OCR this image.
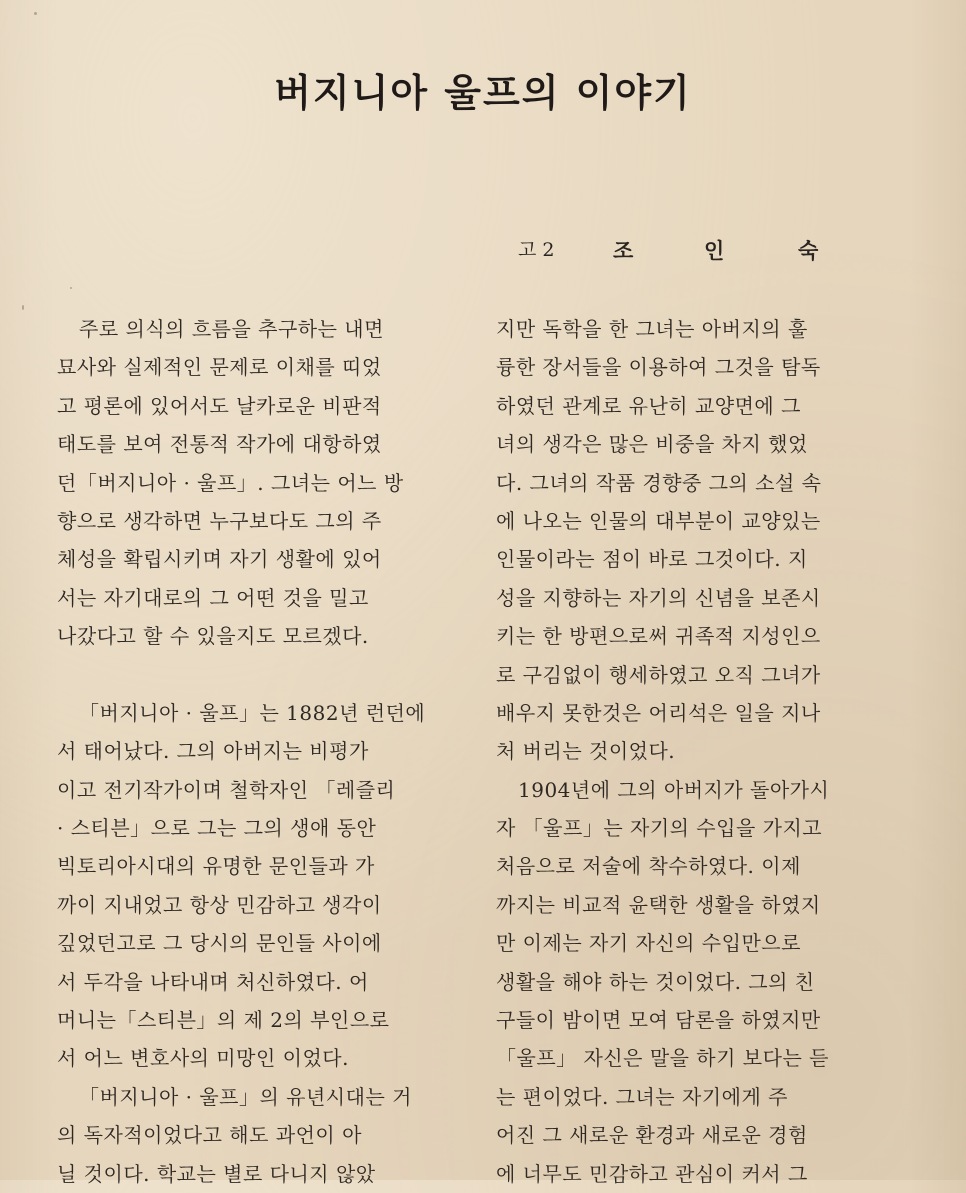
버지니아 울프의 이야기
고 2	조	인	숙
주로 의식의 흐름을 추구하는 내면
묘사와 실제적인 문제로 이채를 띠었
고 평론에 있어서도 날카로운 비판적
태도를 보여 전통적 작가에 대항하였
던「버지니아 · 울프」. 그녀는 어느 방
향으로 생각하면 누구보다도 그의 주
체성을 확립시키며 자기 생활에 있어
서는 자기대로의 그 어떤 것을 밀고
나갔다고 할 수 있을지도 모르겠다.
「버지니아 · 울프」는 1882년 런던에
서 태어났다. 그의 아버지는 비평가
이고 전기작가이며 철학자인 「레즐리
· 스티븐」으로 그는 그의 생애 동안
빅토리아시대의 유명한 문인들과 가
까이 지내었고 항상 민감하고 생각이
깊었던고로 그 당시의 문인들 사이에
서 두각을 나타내며 처신하였다. 어
머니는「스티븐」의 제 2의 부인으로
서 어느 변호사의 미망인 이었다.
「버지니아 · 울프」의 유년시대는 거
의 독자적이었다고 해도 과언이 아
닐 것이다. 학교는 별로 다니지 않았
지만 독학을 한 그녀는 아버지의 훌
륭한 장서들을 이용하여 그것을 탐독
하였던 관계로 유난히 교양면에 그
녀의 생각은 많은 비중을 차지 했었
다. 그녀의 작품 경향중 그의 소설 속
에 나오는 인물의 대부분이 교양있는
인물이라는 점이 바로 그것이다. 지
성을 지향하는 자기의 신념을 보존시
키는 한 방편으로써 귀족적 지성인으
로 구김없이 행세하였고 오직 그녀가
배우지 못한것은 어리석은 일을 지나
처 버리는 것이었다.
1904년에 그의 아버지가 돌아가시
자 「울프」는 자기의 수입을 가지고
처음으로 저술에 착수하였다. 이제
까지는 비교적 윤택한 생활을 하였지
만 이제는 자기 자신의 수입만으로
생활을 해야 하는 것이었다. 그의 친
구들이 밤이면 모여 담론을 하였지만
「울프」 자신은 말을 하기 보다는 듣
는 편이었다. 그녀는 자기에게 주
어진 그 새로운 환경과 새로운 경험
에 너무도 민감하고 관심이 커서 그
